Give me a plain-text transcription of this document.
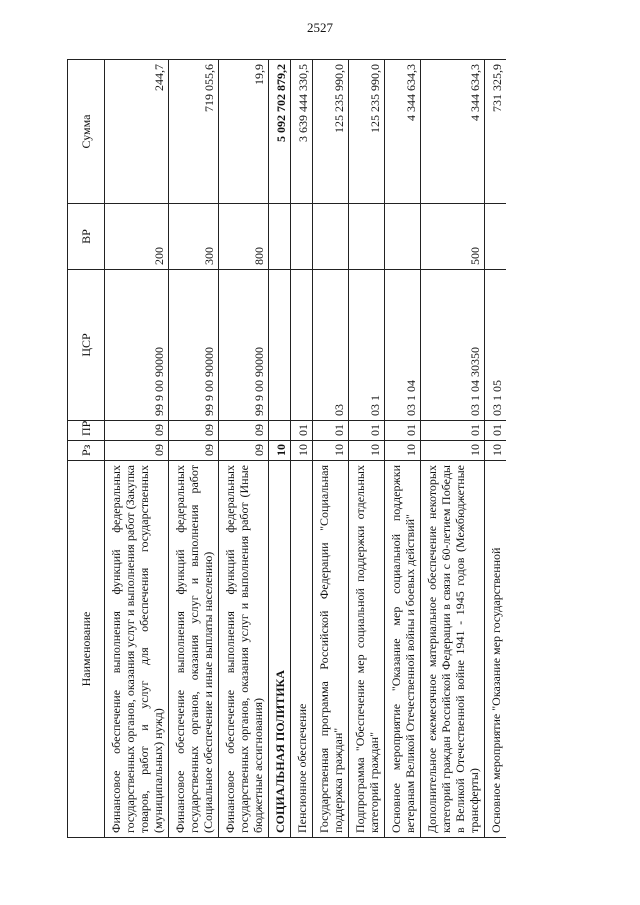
2527
Наименование	Рз	ПР	ЦСР	ВР	Сумма
Финансовое обеспечение выполнения функций федеральных государственных органов, оказания услуг и выполнения работ (Закупка товаров, работ и услуг для обеспечения государственных (муниципальных) нужд)	09	09	99 9 00 90000	200	244,7
Финансовое обеспечение выполнения функций федеральных государственных органов, оказания услуг и выполнения работ (Социальное обеспечение и иные выплаты населению)	09	09	99 9 00 90000	300	719 055,6
Финансовое обеспечение выполнения функций федеральных государственных органов, оказания услуг и выполнения работ (Иные бюджетные ассигнования)	09	09	99 9 00 90000	800	19,9
СОЦИАЛЬНАЯ ПОЛИТИКА	10				5 092 702 879,2
Пенсионное обеспечение	10	01			3 639 444 330,5
Государственная программа Российской Федерации "Социальная поддержка граждан"	10	01	03		125 235 990,0
Подпрограмма "Обеспечение мер социальной поддержки отдельных категорий граждан"	10	01	03 1		125 235 990,0
Основное мероприятие "Оказание мер социальной поддержки ветеранам Великой Отечественной войны и боевых действий"	10	01	03 1 04		4 344 634,3
Дополнительное ежемесячное материальное обеспечение некоторых категорий граждан Российской Федерации в связи с 60-летием Победы в Великой Отечественной войне 1941 - 1945 годов (Межбюджетные трансферты)	10	01	03 1 04 30350	500	4 344 634,3
Основное мероприятие "Оказание мер государственной	10	01	03 1 05		731 325,9
